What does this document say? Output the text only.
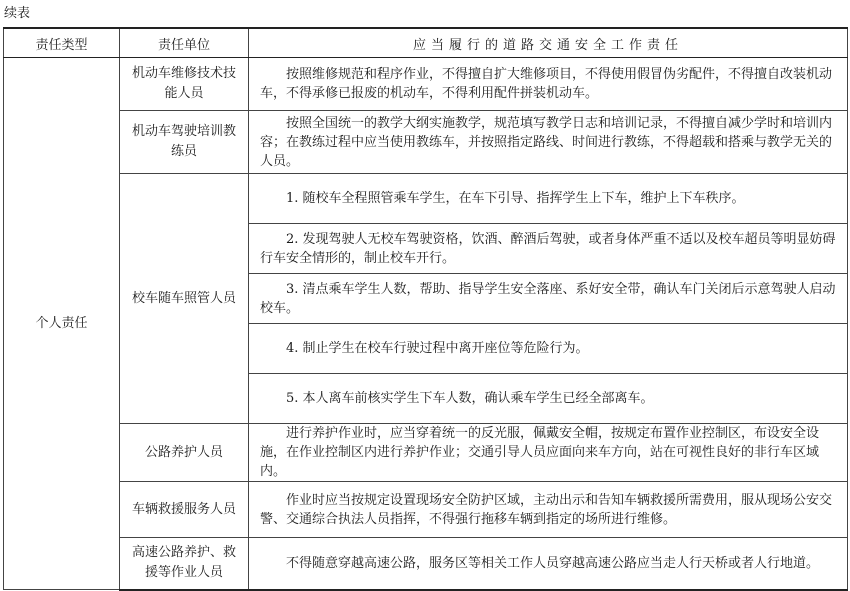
续表
责任类型	责任单位	应当履行的道路交通安全工作责任
个人责任	机动车维修技术技能人员	按照维修规范和程序作业，不得擅自扩大维修项目，不得使用假冒伪劣配件，不得擅自改装机动车，不得承修已报废的机动车，不得利用配件拼装机动车。
	机动车驾驶培训教练员	按照全国统一的教学大纲实施教学，规范填写教学日志和培训记录，不得擅自减少学时和培训内容；在教练过程中应当使用教练车，并按照指定路线、时间进行教练，不得超载和搭乘与教学无关的人员。
	校车随车照管人员	1. 随校车全程照管乘车学生，在车下引导、指挥学生上下车，维护上下车秩序。
		2. 发现驾驶人无校车驾驶资格，饮酒、醉酒后驾驶，或者身体严重不适以及校车超员等明显妨碍行车安全情形的，制止校车开行。
		3. 清点乘车学生人数，帮助、指导学生安全落座、系好安全带，确认车门关闭后示意驾驶人启动校车。
		4. 制止学生在校车行驶过程中离开座位等危险行为。
		5. 本人离车前核实学生下车人数，确认乘车学生已经全部离车。
	公路养护人员	进行养护作业时，应当穿着统一的反光服，佩戴安全帽，按规定布置作业控制区，布设安全设施，在作业控制区内进行养护作业；交通引导人员应面向来车方向，站在可视性良好的非行车区域内。
	车辆救援服务人员	作业时应当按规定设置现场安全防护区域，主动出示和告知车辆救援所需费用，服从现场公安交警、交通综合执法人员指挥，不得强行拖移车辆到指定的场所进行维修。
	高速公路养护、救援等作业人员	不得随意穿越高速公路，服务区等相关工作人员穿越高速公路应当走人行天桥或者人行地道。
